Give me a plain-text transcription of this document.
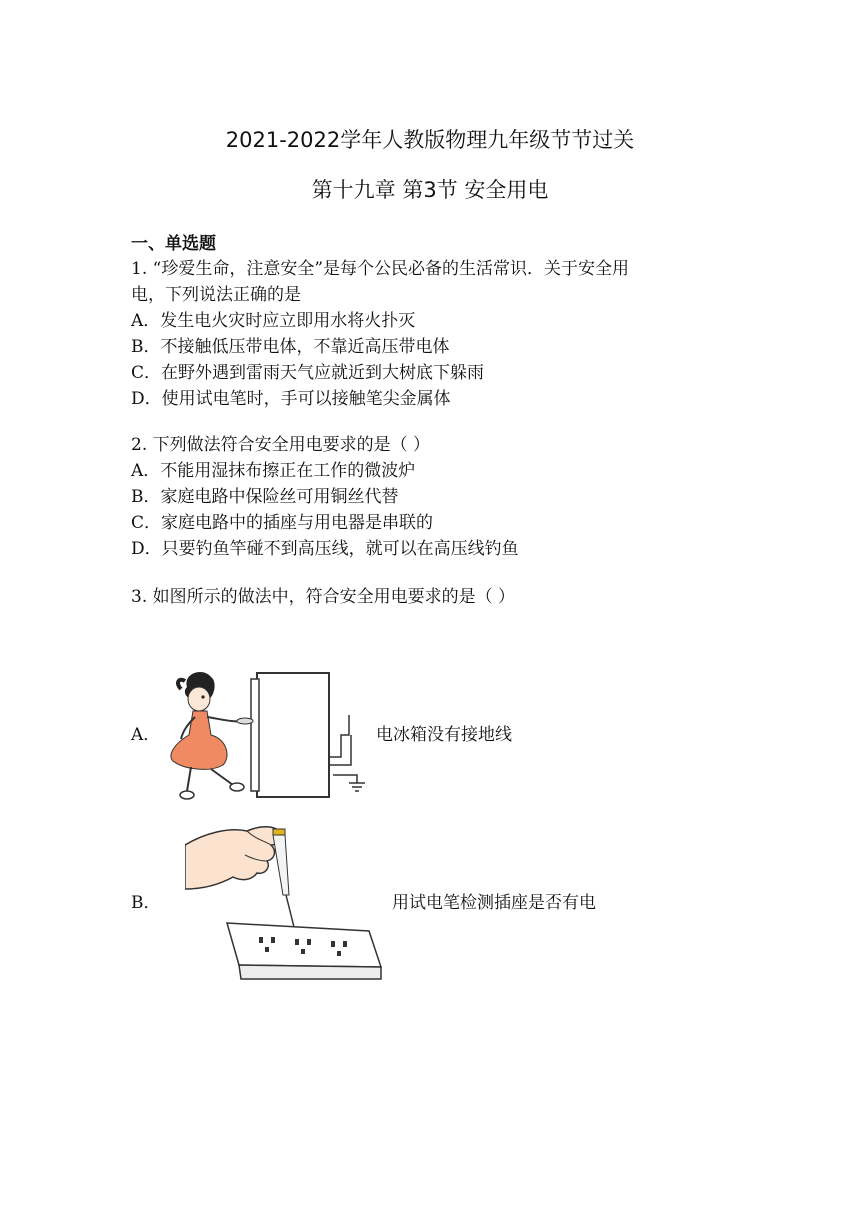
2021-2022学年人教版物理九年级节节过关
第十九章 第3节 安全用电
一、单选题
1. “珍爱生命，注意安全”是每个公民必备的生活常识．关于安全用
电，下列说法正确的是
A．发生电火灾时应立即用水将火扑灭
B．不接触低压带电体，不靠近高压带电体
C．在野外遇到雷雨天气应就近到大树底下躲雨
D．使用试电笔时，手可以接触笔尖金属体
2. 下列做法符合安全用电要求的是（ ）
A．不能用湿抹布擦正在工作的微波炉
B．家庭电路中保险丝可用铜丝代替
C．家庭电路中的插座与用电器是串联的
D．只要钓鱼竿碰不到高压线，就可以在高压线钓鱼
3. 如图所示的做法中，符合安全用电要求的是（ ）
A．	电冰箱没有接地线
B．	用试电笔检测插座是否有电
